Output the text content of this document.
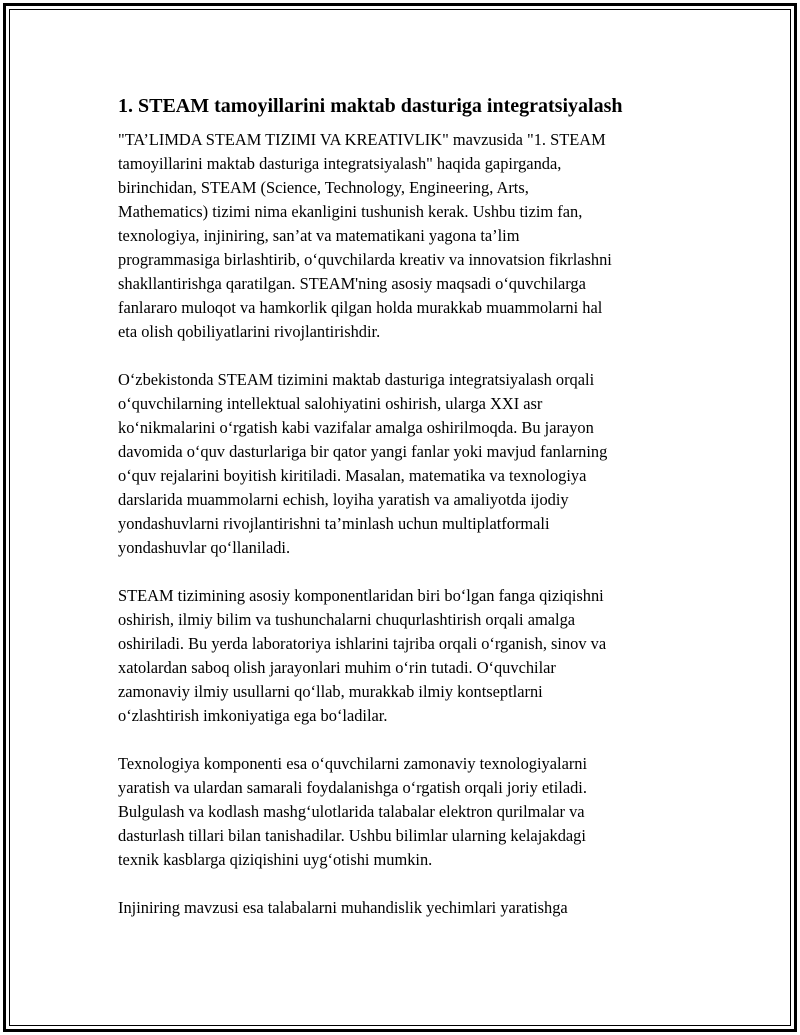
1. STEAM tamoyillarini maktab dasturiga integratsiyalash
"TA’LIMDA STEAM TIZIMI VA KREATIVLIK" mavzusida "1. STEAM
tamoyillarini maktab dasturiga integratsiyalash" haqida gapirganda,
birinchidan, STEAM (Science, Technology, Engineering, Arts,
Mathematics) tizimi nima ekanligini tushunish kerak. Ushbu tizim fan,
texnologiya, injiniring, san’at va matematikani yagona ta’lim
programmasiga birlashtirib, o‘quvchilarda kreativ va innovatsion fikrlashni
shakllantirishga qaratilgan. STEAM'ning asosiy maqsadi o‘quvchilarga
fanlararo muloqot va hamkorlik qilgan holda murakkab muammolarni hal
eta olish qobiliyatlarini rivojlantirishdir.
O‘zbekistonda STEAM tizimini maktab dasturiga integratsiyalash orqali
o‘quvchilarning intellektual salohiyatini oshirish, ularga XXI asr
ko‘nikmalarini o‘rgatish kabi vazifalar amalga oshirilmoqda. Bu jarayon
davomida o‘quv dasturlariga bir qator yangi fanlar yoki mavjud fanlarning
o‘quv rejalarini boyitish kiritiladi. Masalan, matematika va texnologiya
darslarida muammolarni echish, loyiha yaratish va amaliyotda ijodiy
yondashuvlarni rivojlantirishni ta’minlash uchun multiplatformali
yondashuvlar qo‘llaniladi.
STEAM tizimining asosiy komponentlaridan biri bo‘lgan fanga qiziqishni
oshirish, ilmiy bilim va tushunchalarni chuqurlashtirish orqali amalga
oshiriladi. Bu yerda laboratoriya ishlarini tajriba orqali o‘rganish, sinov va
xatolardan saboq olish jarayonlari muhim o‘rin tutadi. O‘quvchilar
zamonaviy ilmiy usullarni qo‘llab, murakkab ilmiy kontseptlarni
o‘zlashtirish imkoniyatiga ega bo‘ladilar.
Texnologiya komponenti esa o‘quvchilarni zamonaviy texnologiyalarni
yaratish va ulardan samarali foydalanishga o‘rgatish orqali joriy etiladi.
Bulgulash va kodlash mashg‘ulotlarida talabalar elektron qurilmalar va
dasturlash tillari bilan tanishadilar. Ushbu bilimlar ularning kelajakdagi
texnik kasblarga qiziqishini uyg‘otishi mumkin.
Injiniring mavzusi esa talabalarni muhandislik yechimlari yaratishga
